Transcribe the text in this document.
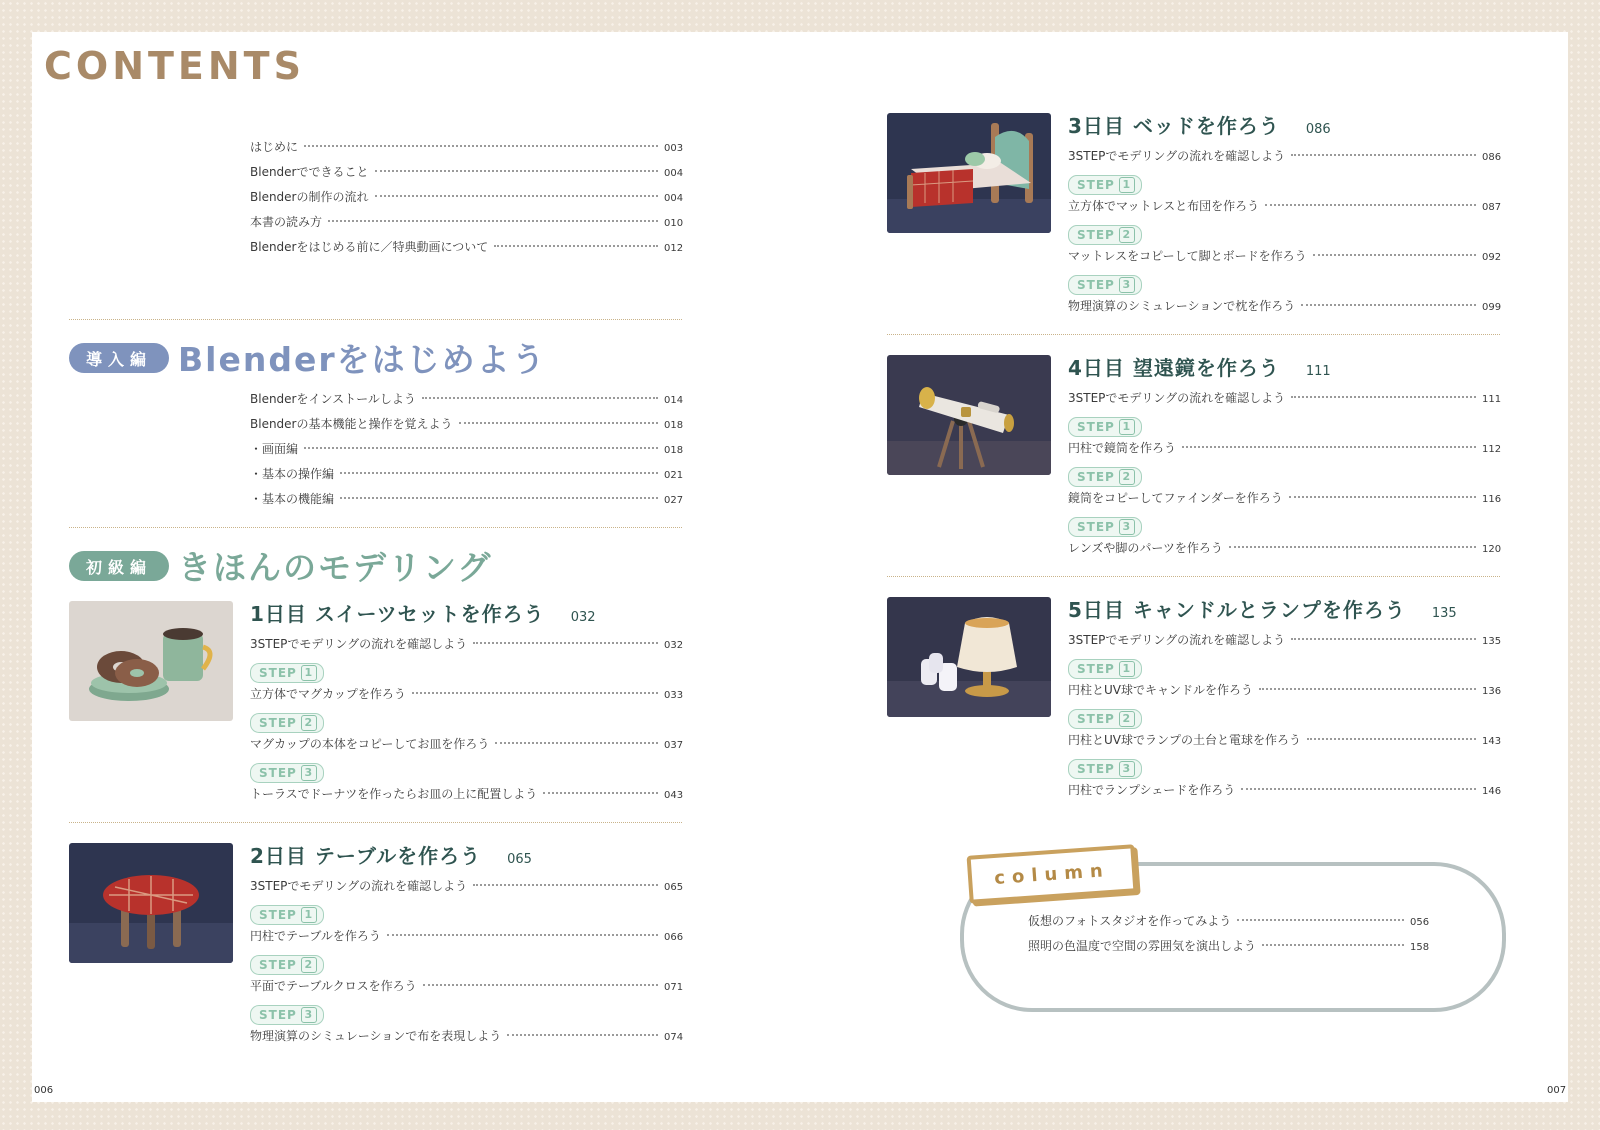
CONTENTS
はじめに	003
Blenderでできること	004
Blenderの制作の流れ	004
本書の読み方	010
Blenderをはじめる前に／特典動画について	012
導入編 Blenderをはじめよう
Blenderをインストールしよう	014
Blenderの基本機能と操作を覚えよう	018
・画面編	018
・基本の操作編	021
・基本の機能編	027
初級編 きほんのモデリング
1日目 スイーツセットを作ろう 032
3STEPでモデリングの流れを確認しよう	032
STEP 1
立方体でマグカップを作ろう	033
STEP 2
マグカップの本体をコピーしてお皿を作ろう	037
STEP 3
トーラスでドーナツを作ったらお皿の上に配置しよう	043
2日目 テーブルを作ろう 065
3STEPでモデリングの流れを確認しよう	065
STEP 1
円柱でテーブルを作ろう	066
STEP 2
平面でテーブルクロスを作ろう	071
STEP 3
物理演算のシミュレーションで布を表現しよう	074
006
3日目 ベッドを作ろう 086
3STEPでモデリングの流れを確認しよう	086
STEP 1
立方体でマットレスと布団を作ろう	087
STEP 2
マットレスをコピーして脚とボードを作ろう	092
STEP 3
物理演算のシミュレーションで枕を作ろう	099
4日目 望遠鏡を作ろう 111
3STEPでモデリングの流れを確認しよう	111
STEP 1
円柱で鏡筒を作ろう	112
STEP 2
鏡筒をコピーしてファインダーを作ろう	116
STEP 3
レンズや脚のパーツを作ろう	120
5日目 キャンドルとランプを作ろう 135
3STEPでモデリングの流れを確認しよう	135
STEP 1
円柱とUV球でキャンドルを作ろう	136
STEP 2
円柱とUV球でランプの土台と電球を作ろう	143
STEP 3
円柱でランプシェードを作ろう	146
column
仮想のフォトスタジオを作ってみよう	056
照明の色温度で空間の雰囲気を演出しよう	158
007
